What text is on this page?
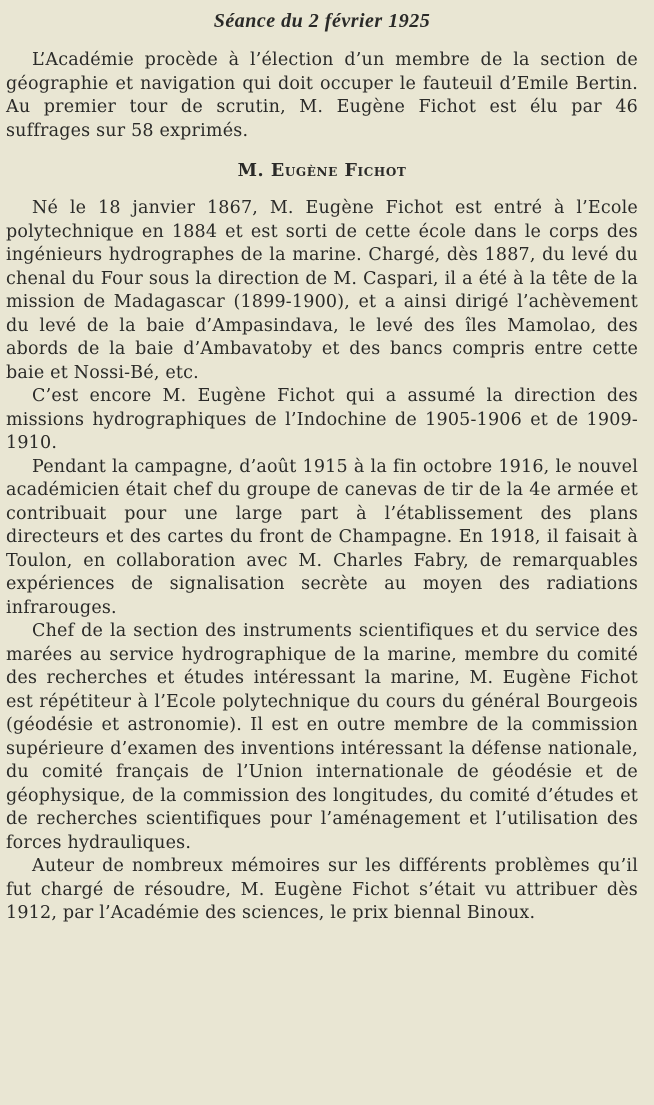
Séance du 2 février 1925

L’Académie procède à l’élection d’un membre de la section de géographie et navigation qui doit occuper le fauteuil d’Emile Bertin. Au premier tour de scrutin, M. Eugène Fichot est élu par 46 suffrages sur 58 exprimés.

M. Eugène Fichot

Né le 18 janvier 1867, M. Eugène Fichot est entré à l’Ecole polytechnique en 1884 et est sorti de cette école dans le corps des ingénieurs hydrographes de la marine. Chargé, dès 1887, du levé du chenal du Four sous la direction de M. Caspari, il a été à la tête de la mission de Madagascar (1899-1900), et a ainsi dirigé l’achèvement du levé de la baie d’Ampasindava, le levé des îles Mamolao, des abords de la baie d’Ambavatoby et des bancs compris entre cette baie et Nossi-Bé, etc.

C’est encore M. Eugène Fichot qui a assumé la direction des missions hydrographiques de l’Indochine de 1905-1906 et de 1909-1910.

Pendant la campagne, d’août 1915 à la fin octobre 1916, le nouvel académicien était chef du groupe de canevas de tir de la 4e armée et contribuait pour une large part à l’établissement des plans directeurs et des cartes du front de Champagne. En 1918, il faisait à Toulon, en collaboration avec M. Charles Fabry, de remarquables expériences de signalisation secrète au moyen des radiations infrarouges.

Chef de la section des instruments scientifiques et du service des marées au service hydrographique de la marine, membre du comité des recherches et études intéressant la marine, M. Eugène Fichot est répétiteur à l’Ecole polytechnique du cours du général Bourgeois (géodésie et astronomie). Il est en outre membre de la commission supérieure d’examen des inventions intéressant la défense nationale, du comité français de l’Union internationale de géodésie et de géophysique, de la commission des longitudes, du comité d’études et de recherches scientifiques pour l’aménagement et l’utilisation des forces hydrauliques.

Auteur de nombreux mémoires sur les différents problèmes qu’il fut chargé de résoudre, M. Eugène Fichot s’était vu attribuer dès 1912, par l’Académie des sciences, le prix biennal Binoux.
